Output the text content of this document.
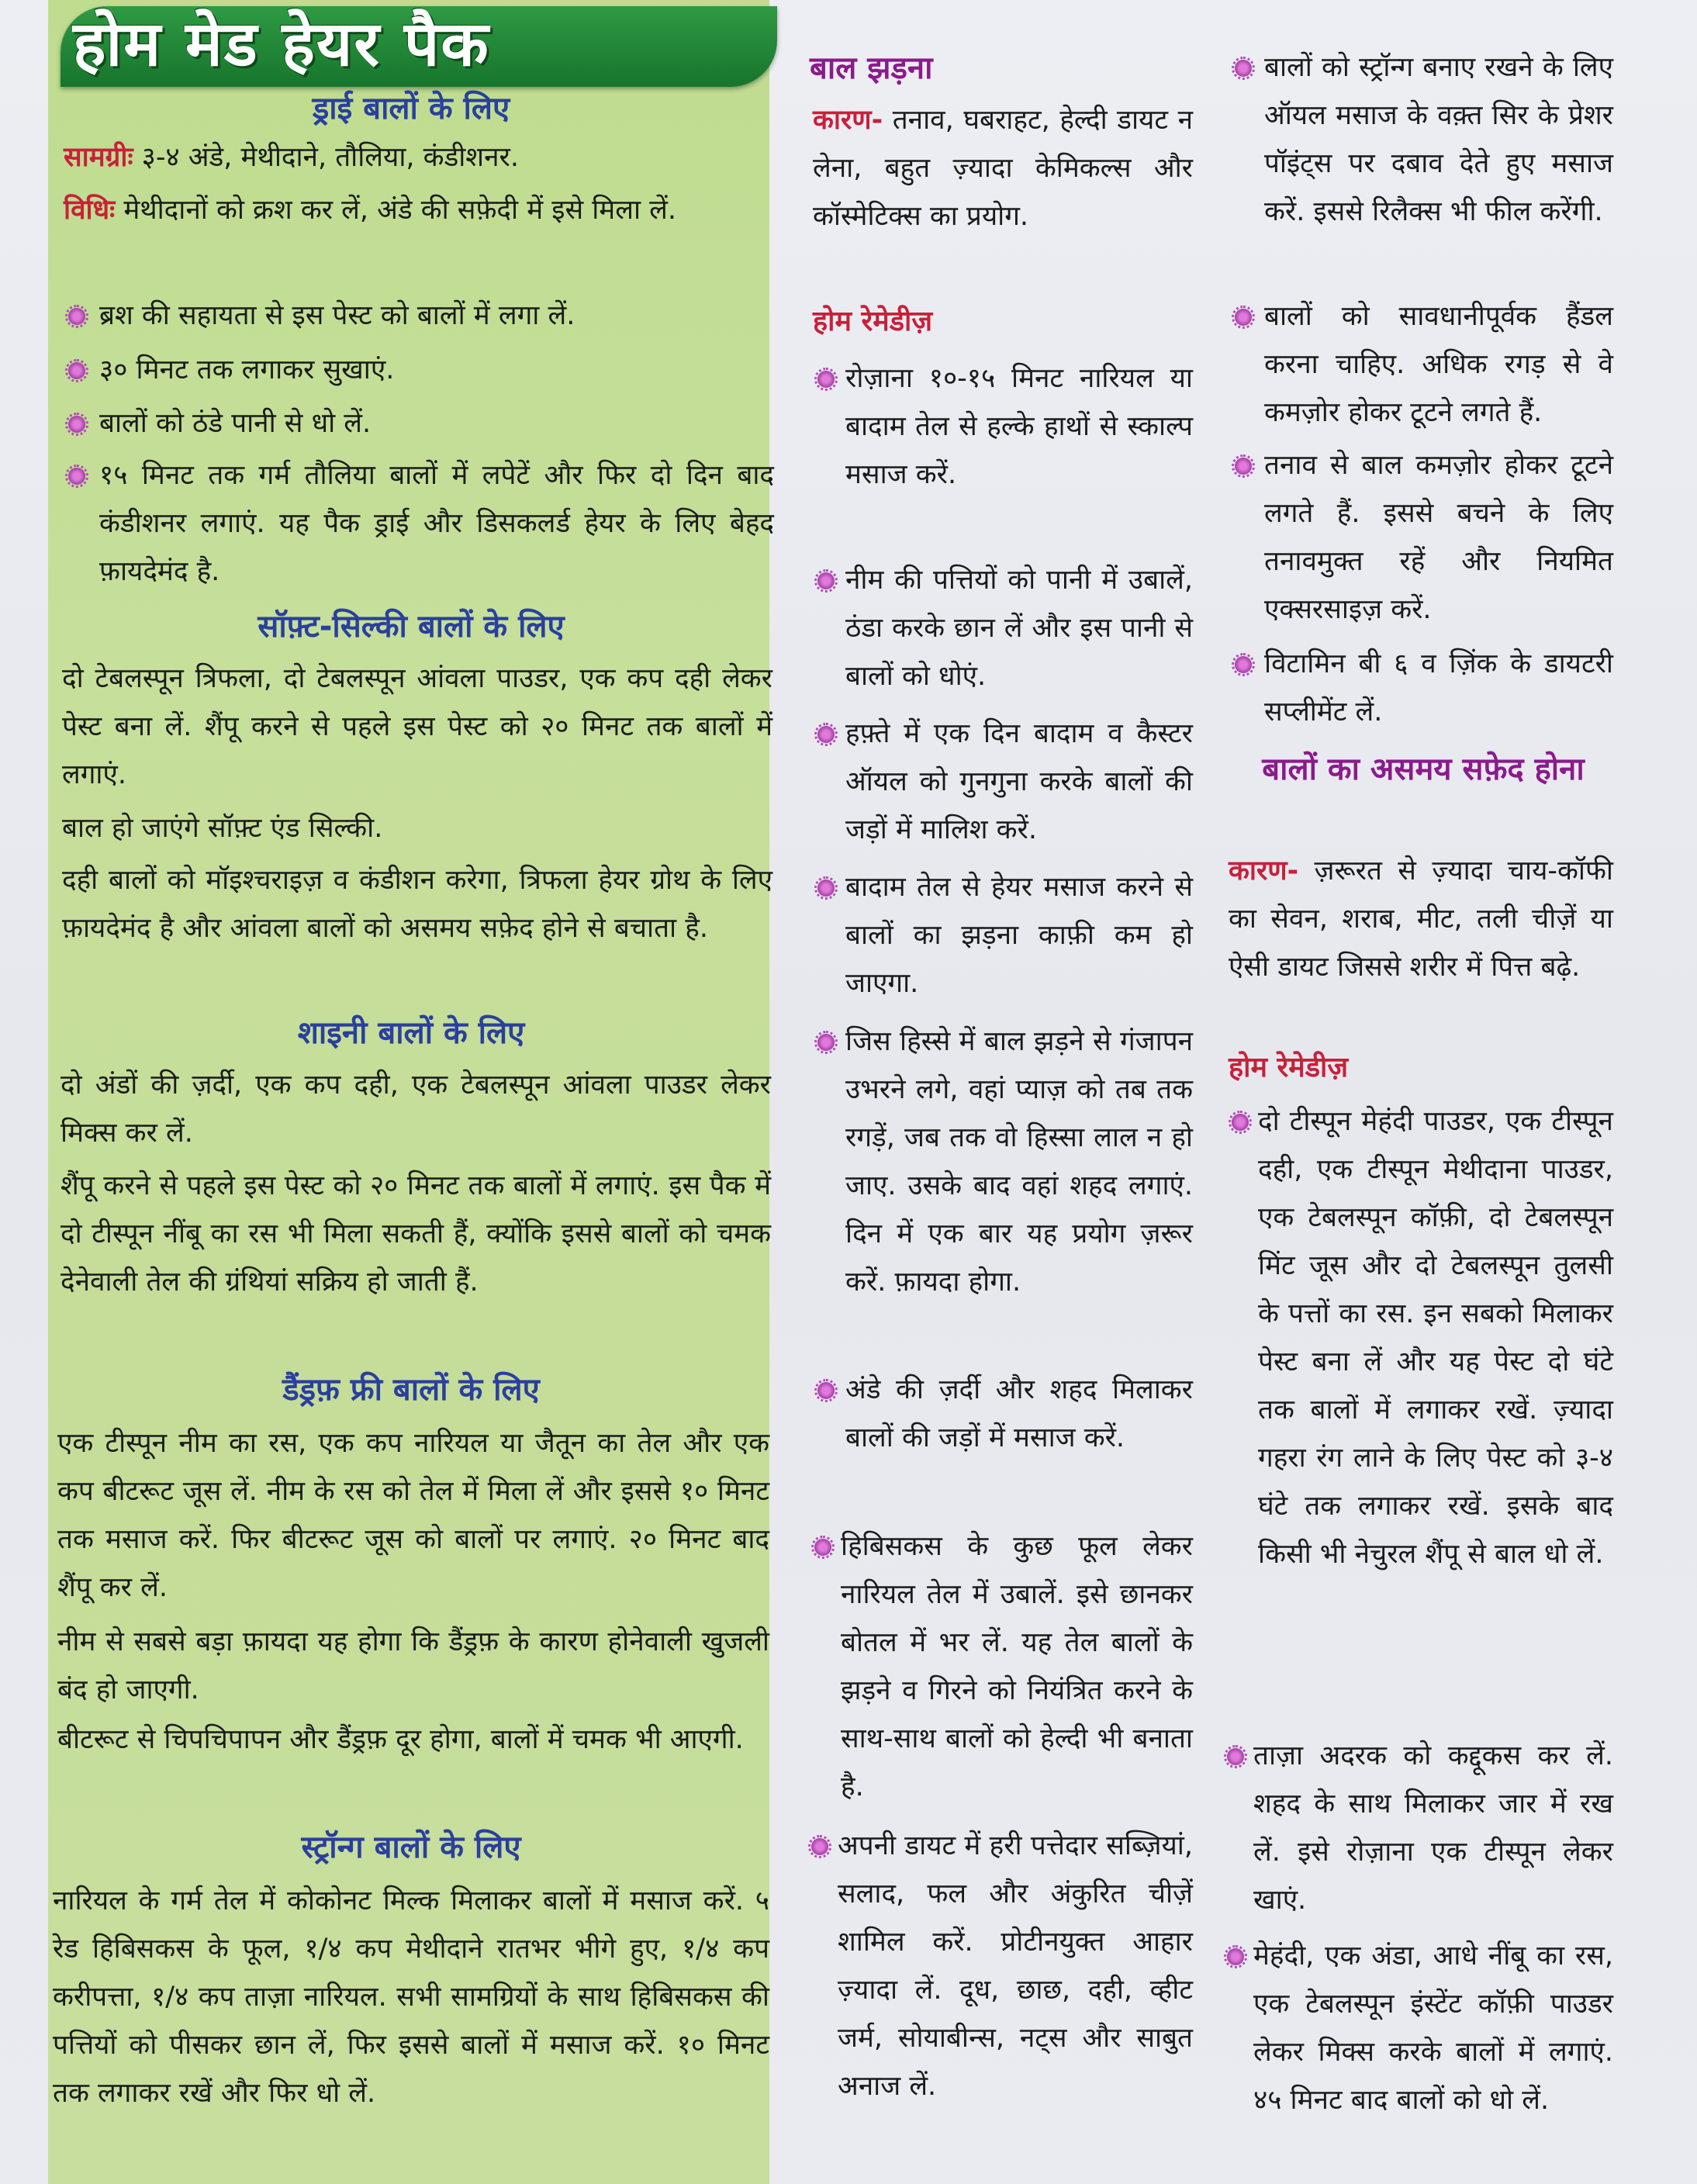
होम मेड हेयर पैक
ड्राई बालों के लिए

सामग्रीः ३-४ अंडे, मेथीदाने, तौलिया, कंडीशनर.

विधिः मेथीदानों को क्रश कर लें, अंडे की सफ़ेदी में इसे मिला लें.

ब्रश की सहायता से इस पेस्ट को बालों में लगा लें.

३० मिनट तक लगाकर सुखाएं.

बालों को ठंडे पानी से धो लें.

१५ मिनट तक गर्म तौलिया बालों में लपेटें और फिर दो दिन बाद कंडीशनर लगाएं. यह पैक ड्राई और डिसकलर्ड हेयर के लिए बेहद फ़ायदेमंद है.

सॉफ़्ट-सिल्की बालों के लिए

दो टेबलस्पून त्रिफला, दो टेबलस्पून आंवला पाउडर, एक कप दही लेकर पेस्ट बना लें. शैंपू करने से पहले इस पेस्ट को २० मिनट तक बालों में लगाएं.

बाल हो जाएंगे सॉफ़्ट एंड सिल्की.

दही बालों को मॉइश्चराइज़ व कंडीशन करेगा, त्रिफला हेयर ग्रोथ के लिए फ़ायदेमंद है और आंवला बालों को असमय सफ़ेद होने से बचाता है.

शाइनी बालों के लिए

दो अंडों की ज़र्दी, एक कप दही, एक टेबलस्पून आंवला पाउडर लेकर मिक्स कर लें.

शैंपू करने से पहले इस पेस्ट को २० मिनट तक बालों में लगाएं. इस पैक में दो टीस्पून नींबू का रस भी मिला सकती हैं, क्योंकि इससे बालों को चमक देनेवाली तेल की ग्रंथियां सक्रिय हो जाती हैं.

डैंड्रफ़ फ्री बालों के लिए

एक टीस्पून नीम का रस, एक कप नारियल या जैतून का तेल और एक कप बीटरूट जूस लें. नीम के रस को तेल में मिला लें और इससे १० मिनट तक मसाज करें. फिर बीटरूट जूस को बालों पर लगाएं. २० मिनट बाद शैंपू कर लें.

नीम से सबसे बड़ा फ़ायदा यह होगा कि डैंड्रफ़ के कारण होनेवाली खुजली बंद हो जाएगी.

बीटरूट से चिपचिपापन और डैंड्रफ़ दूर होगा, बालों में चमक भी आएगी.

स्ट्रॉन्ग बालों के लिए

नारियल के गर्म तेल में कोकोनट मिल्क मिलाकर बालों में मसाज करें. ५ रेड हिबिसकस के फूल, १/४ कप मेथीदाने रातभर भीगे हुए, १/४ कप करीपत्ता, १/४ कप ताज़ा नारियल. सभी सामग्रियों के साथ हिबिसकस की पत्तियों को पीसकर छान लें, फिर इससे बालों में मसाज करें. १० मिनट तक लगाकर रखें और फिर धो लें.

बाल झड़ना

कारण- तनाव, घबराहट, हेल्दी डायट न लेना, बहुत ज़्यादा केमिकल्स और कॉस्मेटिक्स का प्रयोग.

होम रेमेडीज़

रोज़ाना १०-१५ मिनट नारियल या बादाम तेल से हल्के हाथों से स्काल्प मसाज करें.

नीम की पत्तियों को पानी में उबालें, ठंडा करके छान लें और इस पानी से बालों को धोएं.

हफ़्ते में एक दिन बादाम व कैस्टर ऑयल को गुनगुना करके बालों की जड़ों में मालिश करें.

बादाम तेल से हेयर मसाज करने से बालों का झड़ना काफ़ी कम हो जाएगा.

जिस हिस्से में बाल झड़ने से गंजापन उभरने लगे, वहां प्याज़ को तब तक रगड़ें, जब तक वो हिस्सा लाल न हो जाए. उसके बाद वहां शहद लगाएं. दिन में एक बार यह प्रयोग ज़रूर करें. फ़ायदा होगा.

अंडे की ज़र्दी और शहद मिलाकर बालों की जड़ों में मसाज करें.

हिबिसकस के कुछ फूल लेकर नारियल तेल में उबालें. इसे छानकर बोतल में भर लें. यह तेल बालों के झड़ने व गिरने को नियंत्रित करने के साथ-साथ बालों को हेल्दी भी बनाता है.

अपनी डायट में हरी पत्तेदार सब्ज़ियां, सलाद, फल और अंकुरित चीज़ें शामिल करें. प्रोटीनयुक्त आहार ज़्यादा लें. दूध, छाछ, दही, व्हीट जर्म, सोयाबीन्स, नट्स और साबुत अनाज लें.

बालों को स्ट्रॉन्ग बनाए रखने के लिए ऑयल मसाज के वक़्त सिर के प्रेशर पॉइंट्स पर दबाव देते हुए मसाज करें. इससे रिलैक्स भी फील करेंगी.

बालों को सावधानीपूर्वक हैंडल करना चाहिए. अधिक रगड़ से वे कमज़ोर होकर टूटने लगते हैं.

तनाव से बाल कमज़ोर होकर टूटने लगते हैं. इससे बचने के लिए तनावमुक्त रहें और नियमित एक्सरसाइज़ करें.

विटामिन बी ६ व ज़िंक के डायटरी सप्लीमेंट लें.

बालों का असमय सफ़ेद होना

कारण- ज़रूरत से ज़्यादा चाय-कॉफी का सेवन, शराब, मीट, तली चीज़ें या ऐसी डायट जिससे शरीर में पित्त बढ़े.

होम रेमेडीज़

दो टीस्पून मेहंदी पाउडर, एक टीस्पून दही, एक टीस्पून मेथीदाना पाउडर, एक टेबलस्पून कॉफ़ी, दो टेबलस्पून मिंट जूस और दो टेबलस्पून तुलसी के पत्तों का रस. इन सबको मिलाकर पेस्ट बना लें और यह पेस्ट दो घंटे तक बालों में लगाकर रखें. ज़्यादा गहरा रंग लाने के लिए पेस्ट को ३-४ घंटे तक लगाकर रखें. इसके बाद किसी भी नेचुरल शैंपू से बाल धो लें.

ताज़ा अदरक को कद्दूकस कर लें. शहद के साथ मिलाकर जार में रख लें. इसे रोज़ाना एक टीस्पून लेकर खाएं.

मेहंदी, एक अंडा, आधे नींबू का रस, एक टेबलस्पून इंस्टेंट कॉफ़ी पाउडर लेकर मिक्स करके बालों में लगाएं. ४५ मिनट बाद बालों को धो लें.
